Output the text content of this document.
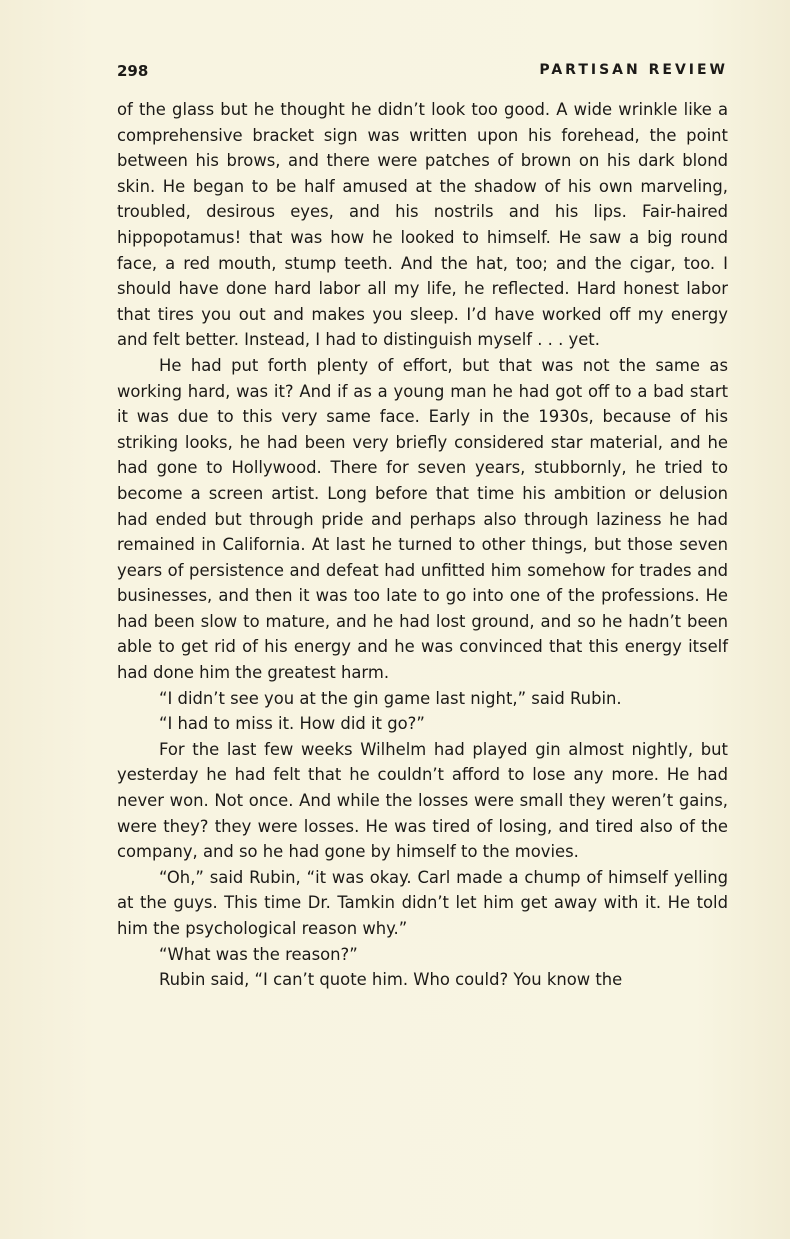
298	PARTISAN REVIEW

of the glass but he thought he didn’t look too good. A wide wrinkle like a comprehensive bracket sign was written upon his forehead, the point between his brows, and there were patches of brown on his dark blond skin. He began to be half amused at the shadow of his own marveling, troubled, desirous eyes, and his nostrils and his lips. Fair-haired hippopotamus! that was how he looked to himself. He saw a big round face, a red mouth, stump teeth. And the hat, too; and the cigar, too. I should have done hard labor all my life, he reflected. Hard honest labor that tires you out and makes you sleep. I’d have worked off my energy and felt better. Instead, I had to distinguish myself . . . yet.

He had put forth plenty of effort, but that was not the same as working hard, was it? And if as a young man he had got off to a bad start it was due to this very same face. Early in the 1930s, because of his striking looks, he had been very briefly considered star material, and he had gone to Hollywood. There for seven years, stubbornly, he tried to become a screen artist. Long before that time his ambition or delusion had ended but through pride and perhaps also through laziness he had remained in California. At last he turned to other things, but those seven years of persistence and defeat had unfitted him somehow for trades and businesses, and then it was too late to go into one of the professions. He had been slow to mature, and he had lost ground, and so he hadn’t been able to get rid of his energy and he was convinced that this energy itself had done him the greatest harm.

“I didn’t see you at the gin game last night,” said Rubin.

“I had to miss it. How did it go?”

For the last few weeks Wilhelm had played gin almost nightly, but yesterday he had felt that he couldn’t afford to lose any more. He had never won. Not once. And while the losses were small they weren’t gains, were they? they were losses. He was tired of losing, and tired also of the company, and so he had gone by himself to the movies.

“Oh,” said Rubin, “it was okay. Carl made a chump of himself yelling at the guys. This time Dr. Tamkin didn’t let him get away with it. He told him the psychological reason why.”

“What was the reason?”

Rubin said, “I can’t quote him. Who could? You know the
